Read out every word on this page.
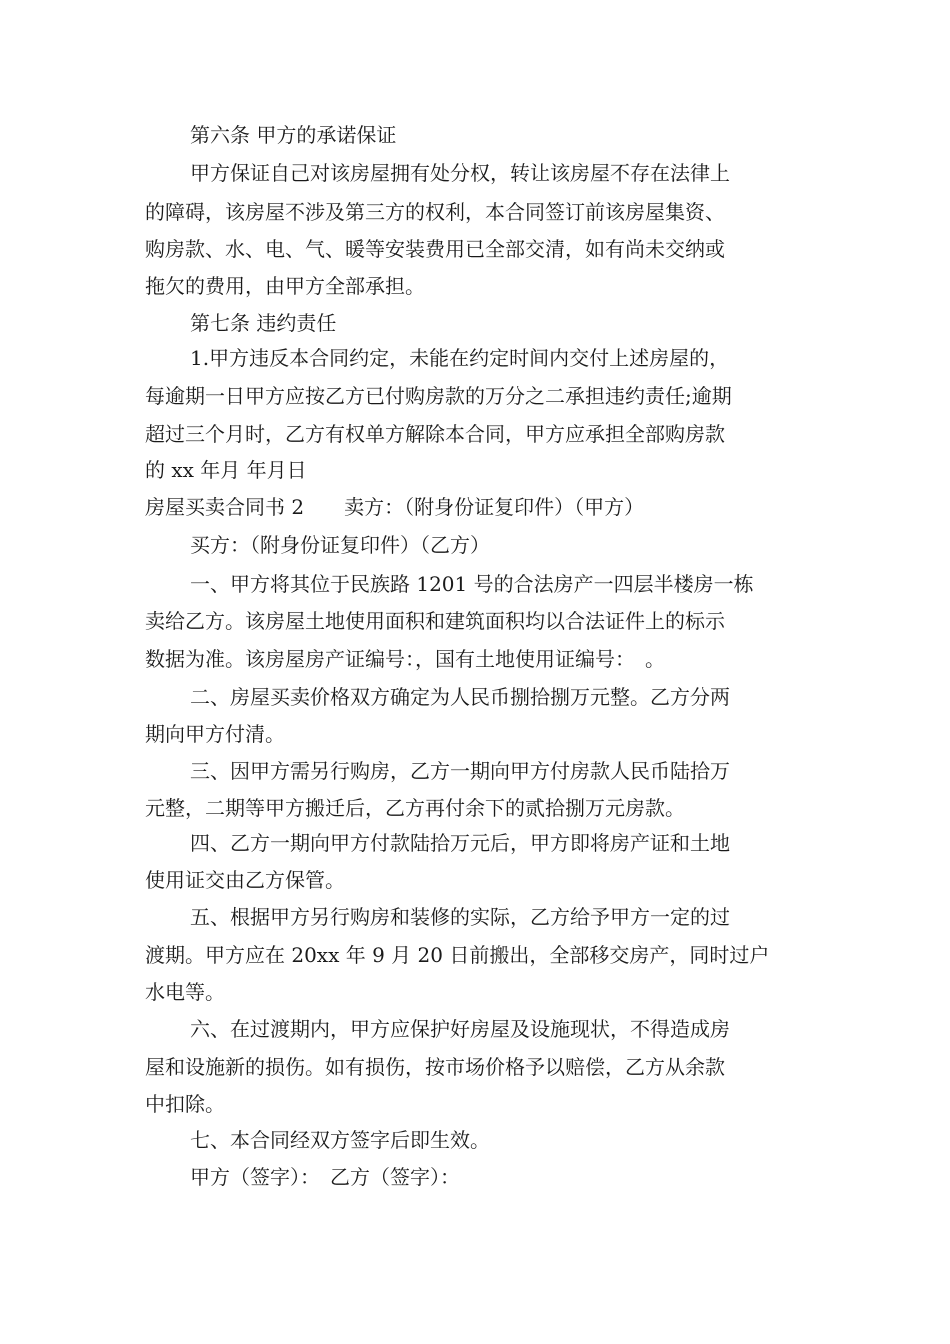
第六条 甲方的承诺保证
甲方保证自己对该房屋拥有处分权，转让该房屋不存在法律上
的障碍，该房屋不涉及第三方的权利，本合同签订前该房屋集资、
购房款、水、电、气、暖等安装费用已全部交清，如有尚未交纳或
拖欠的费用，由甲方全部承担。
第七条 违约责任
1.甲方违反本合同约定，未能在约定时间内交付上述房屋的，
每逾期一日甲方应按乙方已付购房款的万分之二承担违约责任;逾期
超过三个月时，乙方有权单方解除本合同，甲方应承担全部购房款
的 xx 年月 年月日
房屋买卖合同书 2　　卖方：（附身份证复印件）（甲方）
买方：（附身份证复印件）（乙方）
一、甲方将其位于民族路 1201 号的合法房产一四层半楼房一栋
卖给乙方。该房屋土地使用面积和建筑面积均以合法证件上的标示
数据为准。该房屋房产证编号：，国有土地使用证编号：　。
二、房屋买卖价格双方确定为人民币捌拾捌万元整。乙方分两
期向甲方付清。
三、因甲方需另行购房，乙方一期向甲方付房款人民币陆拾万
元整，二期等甲方搬迁后，乙方再付余下的贰拾捌万元房款。
四、乙方一期向甲方付款陆拾万元后，甲方即将房产证和土地
使用证交由乙方保管。
五、根据甲方另行购房和装修的实际，乙方给予甲方一定的过
渡期。甲方应在 20xx 年 9 月 20 日前搬出，全部移交房产，同时过户
水电等。
六、在过渡期内，甲方应保护好房屋及设施现状，不得造成房
屋和设施新的损伤。如有损伤，按市场价格予以赔偿，乙方从余款
中扣除。
七、本合同经双方签字后即生效。
甲方（签字）：　乙方（签字）：
